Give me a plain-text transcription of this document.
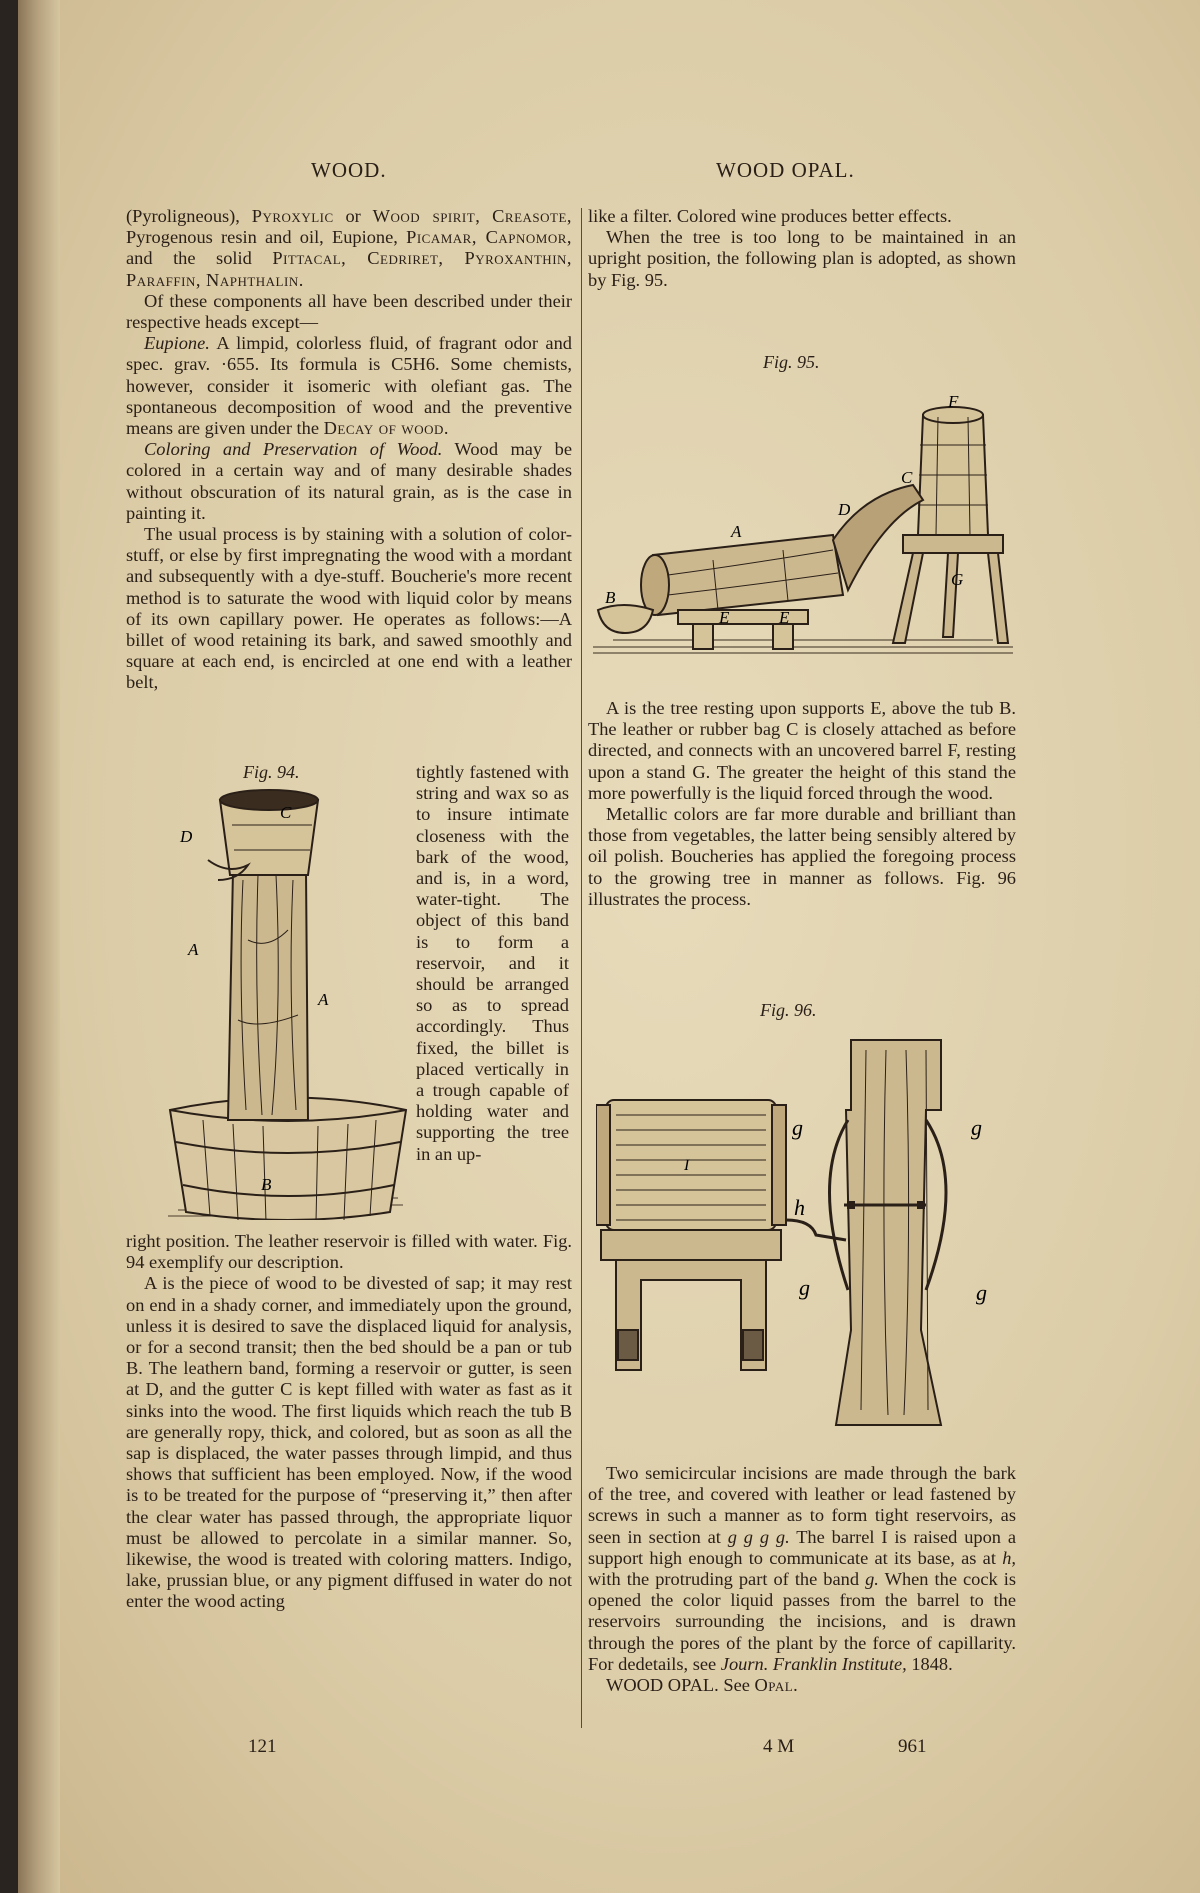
WOOD.	WOOD OPAL.

(Pyroligneous), Pyroxylic or Wood spirit, Creasote, Pyrogenous resin and oil, Eupione, Picamar, Capnomor, and the solid Pittacal, Cedriret, Pyroxanthin, Paraffin, Naphthalin.

Of these components all have been described under their respective heads except—

Eupione. A limpid, colorless fluid, of fragrant odor and spec. grav. ·655. Its formula is C5H6. Some chemists, however, consider it isomeric with olefiant gas. The spontaneous decomposition of wood and the preventive means are given under the Decay of wood.

Coloring and Preservation of Wood. Wood may be colored in a certain way and of many desirable shades without obscuration of its natural grain, as is the case in painting it.

The usual process is by staining with a solution of color-stuff, or else by first impregnating the wood with a mordant and subsequently with a dye-stuff. Boucherie's more recent method is to saturate the wood with liquid color by means of its own capillary power. He operates as follows:—A billet of wood retaining its bark, and sawed smoothly and square at each end, is encircled at one end with a leather belt,

Fig. 94.
C
D
A
A
B

tightly fastened with string and wax so as to insure intimate closeness with the bark of the wood, and is, in a word, water-tight. The object of this band is to form a reservoir, and it should be arranged so as to spread accordingly. Thus fixed, the billet is placed vertically in a trough capable of holding water and supporting the tree in an up-

right position. The leather reservoir is filled with water. Fig. 94 exemplify our description.

A is the piece of wood to be divested of sap; it may rest on end in a shady corner, and immediately upon the ground, unless it is desired to save the displaced liquid for analysis, or for a second transit; then the bed should be a pan or tub B. The leathern band, forming a reservoir or gutter, is seen at D, and the gutter C is kept filled with water as fast as it sinks into the wood. The first liquids which reach the tub B are generally ropy, thick, and colored, but as soon as all the sap is displaced, the water passes through limpid, and thus shows that sufficient has been employed. Now, if the wood is to be treated for the purpose of “preserving it,” then after the clear water has passed through, the appropriate liquor must be allowed to percolate in a similar manner. So, likewise, the wood is treated with coloring matters. Indigo, lake, prussian blue, or any pigment diffused in water do not enter the wood acting

like a filter. Colored wine produces better effects.

When the tree is too long to be maintained in an upright position, the following plan is adopted, as shown by Fig. 95.

Fig. 95.
F
C
D
A
G
B
E	E

A is the tree resting upon supports E, above the tub B. The leather or rubber bag C is closely attached as before directed, and connects with an uncovered barrel F, resting upon a stand G. The greater the height of this stand the more powerfully is the liquid forced through the wood.

Metallic colors are far more durable and brilliant than those from vegetables, the latter being sensibly altered by oil polish. Boucheries has applied the foregoing process to the growing tree in manner as follows. Fig. 96 illustrates the process.

Fig. 96.
g	g
I
h
g	g

Two semicircular incisions are made through the bark of the tree, and covered with leather or lead fastened by screws in such a manner as to form tight reservoirs, as seen in section at g g g g. The barrel I is raised upon a support high enough to communicate at its base, as at h, with the protruding part of the band g. When the cock is opened the color liquid passes from the barrel to the reservoirs surrounding the incisions, and is drawn through the pores of the plant by the force of capillarity. For dedetails, see Journ. Franklin Institute, 1848.

WOOD OPAL. See Opal.

121	4 M	961
